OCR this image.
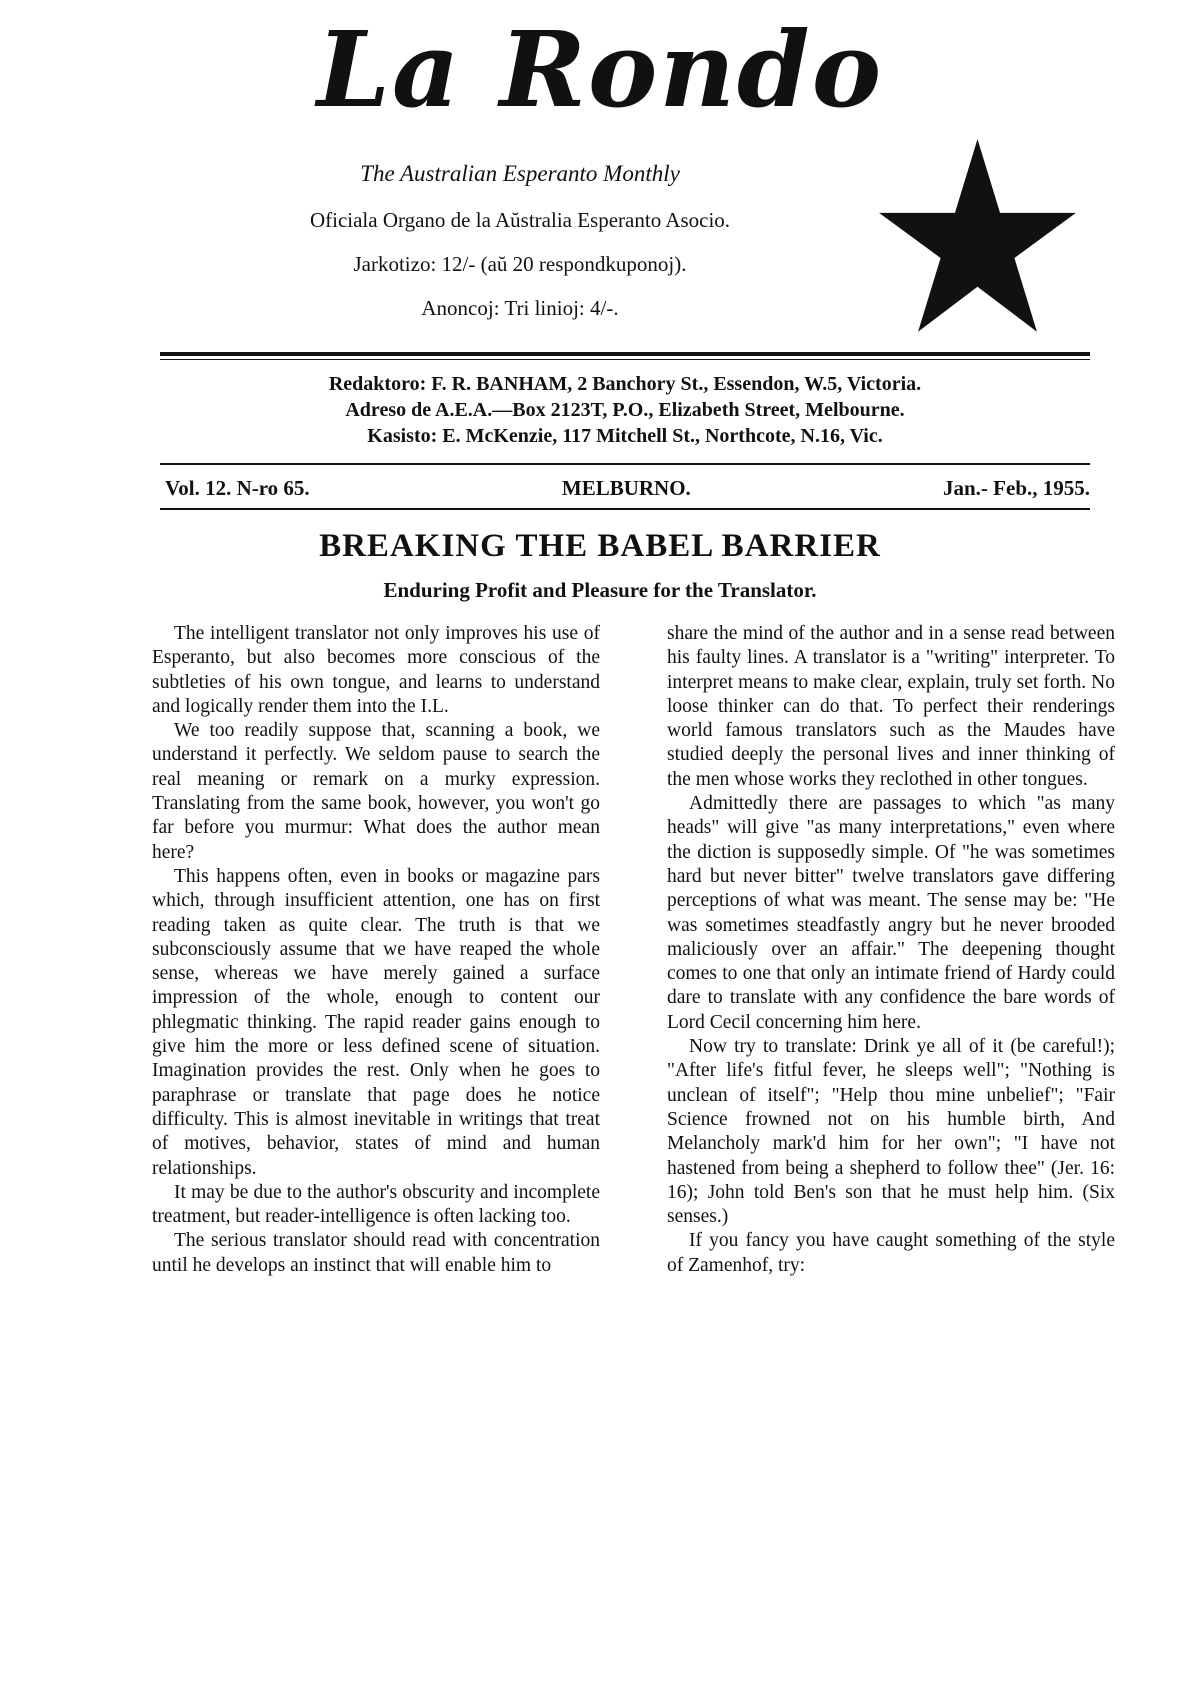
La Rondo
The Australian Esperanto Monthly
Oficiala Organo de la Aŭstralia Esperanto Asocio.
Jarkotizo: 12/- (aŭ 20 respondkuponoj).
Anoncoj: Tri linioj: 4/-.
Redaktoro: F. R. BANHAM, 2 Banchory St., Essendon, W.5, Victoria.
Adreso de A.E.A.—Box 2123T, P.O., Elizabeth Street, Melbourne.
Kasisto: E. McKenzie, 117 Mitchell St., Northcote, N.16, Vic.
Vol. 12. N-ro 65.	MELBURNO.	Jan.- Feb., 1955.
BREAKING THE BABEL BARRIER
Enduring Profit and Pleasure for the Translator.

The intelligent translator not only improves his use of Esperanto, but also becomes more conscious of the subtleties of his own tongue, and learns to understand and logically render them into the I.L.

We too readily suppose that, scanning a book, we understand it perfectly. We seldom pause to search the real meaning or remark on a murky expression. Translating from the same book, however, you won't go far before you murmur: What does the author mean here?

This happens often, even in books or magazine pars which, through insufficient attention, one has on first reading taken as quite clear. The truth is that we subconsciously assume that we have reaped the whole sense, whereas we have merely gained a surface impression of the whole, enough to content our phlegmatic thinking. The rapid reader gains enough to give him the more or less defined scene of situation. Imagination provides the rest. Only when he goes to paraphrase or translate that page does he notice difficulty. This is almost inevitable in writings that treat of motives, behavior, states of mind and human relationships.

It may be due to the author's obscurity and incomplete treatment, but reader-intelligence is often lacking too.

The serious translator should read with concentration until he develops an instinct that will enable him to

share the mind of the author and in a sense read between his faulty lines. A translator is a "writing" interpreter. To interpret means to make clear, explain, truly set forth. No loose thinker can do that. To perfect their renderings world famous translators such as the Maudes have studied deeply the personal lives and inner thinking of the men whose works they reclothed in other tongues.

Admittedly there are passages to which "as many heads" will give "as many interpretations," even where the diction is supposedly simple. Of "he was sometimes hard but never bitter" twelve translators gave differing perceptions of what was meant. The sense may be: "He was sometimes steadfastly angry but he never brooded maliciously over an affair." The deepening thought comes to one that only an intimate friend of Hardy could dare to translate with any confidence the bare words of Lord Cecil concerning him here.

Now try to translate: Drink ye all of it (be careful!); "After life's fitful fever, he sleeps well"; "Nothing is unclean of itself"; "Help thou mine unbelief"; "Fair Science frowned not on his humble birth, And Melancholy mark'd him for her own"; "I have not hastened from being a shepherd to follow thee" (Jer. 16: 16); John told Ben's son that he must help him. (Six senses.)

If you fancy you have caught something of the style of Zamenhof, try:
